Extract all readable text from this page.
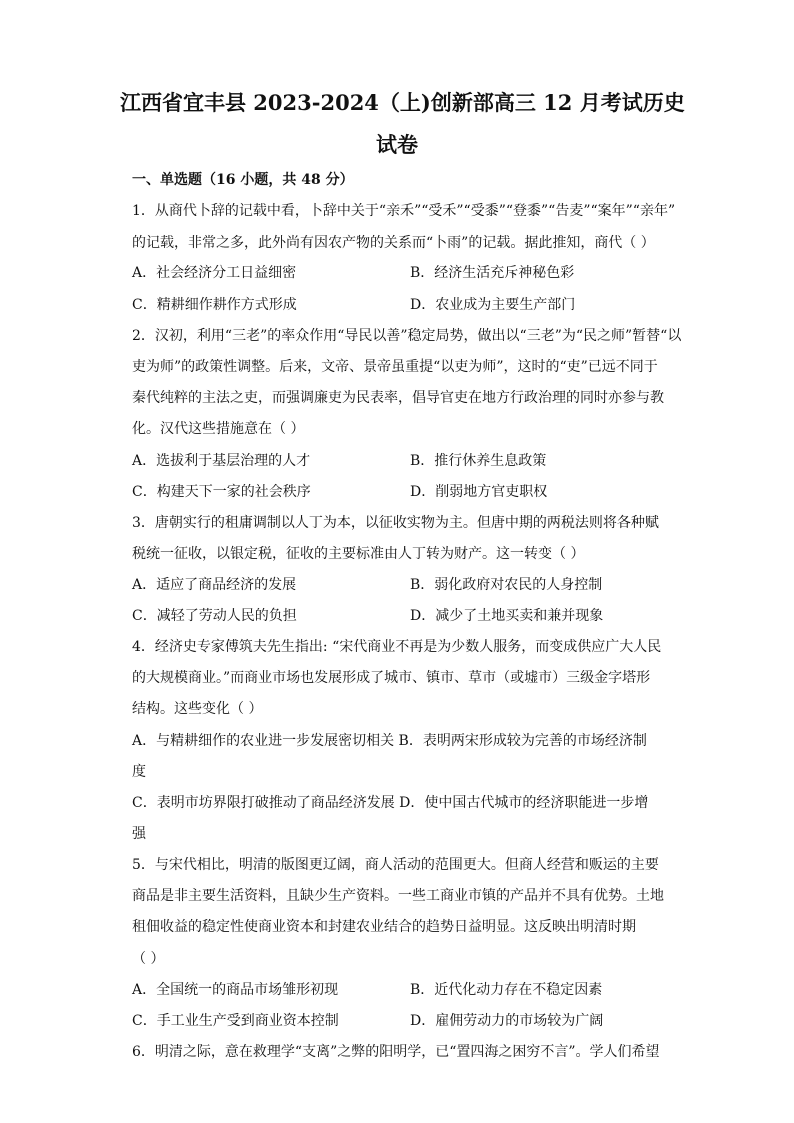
江西省宜丰县 2023-2024（上)创新部高三 12 月考试历史
试卷
一、单选题（16 小题，共 48 分）
1．从商代卜辞的记载中看，卜辞中关于“亲禾”“受禾”“受黍”“登黍”“告麦”“案年”“亲年”
的记载，非常之多，此外尚有因农产物的关系而“卜雨”的记载。据此推知，商代（ ）
A．社会经济分工日益细密	B．经济生活充斥神秘色彩
C．精耕细作耕作方式形成	D．农业成为主要生产部门
2．汉初，利用“三老”的率众作用“导民以善”稳定局势，做出以“三老”为“民之师”暂替“以
吏为师”的政策性调整。后来，文帝、景帝虽重提“以吏为师”，这时的“吏”已远不同于
秦代纯粹的主法之吏，而强调廉吏为民表率，倡导官吏在地方行政治理的同时亦参与教
化。汉代这些措施意在（ ）
A．选拔利于基层治理的人才	B．推行休养生息政策
C．构建天下一家的社会秩序	D．削弱地方官吏职权
3．唐朝实行的租庸调制以人丁为本，以征收实物为主。但唐中期的两税法则将各种赋
税统一征收，以银定税，征收的主要标准由人丁转为财产。这一转变（ ）
A．适应了商品经济的发展	B．弱化政府对农民的人身控制
C．减轻了劳动人民的负担	D．减少了土地买卖和兼并现象
4．经济史专家傅筑夫先生指出: “宋代商业不再是为少数人服务，而变成供应广大人民
的大规模商业。”而商业市场也发展形成了城市、镇市、草市（或墟市）三级金字塔形
结构。这些变化（ ）
A．与精耕细作的农业进一步发展密切相关 B．表明两宋形成较为完善的市场经济制
度
C．表明市坊界限打破推动了商品经济发展 D．使中国古代城市的经济职能进一步增
强
5．与宋代相比，明清的版图更辽阔，商人活动的范围更大。但商人经营和贩运的主要
商品是非主要生活资料，且缺少生产资料。一些工商业市镇的产品并不具有优势。土地
租佃收益的稳定性使商业资本和封建农业结合的趋势日益明显。这反映出明清时期
（ ）
A．全国统一的商品市场雏形初现	B．近代化动力存在不稳定因素
C．手工业生产受到商业资本控制	D．雇佣劳动力的市场较为广阔
6．明清之际，意在救理学“支离”之弊的阳明学，已“置四海之困穷不言”。学人们希望
